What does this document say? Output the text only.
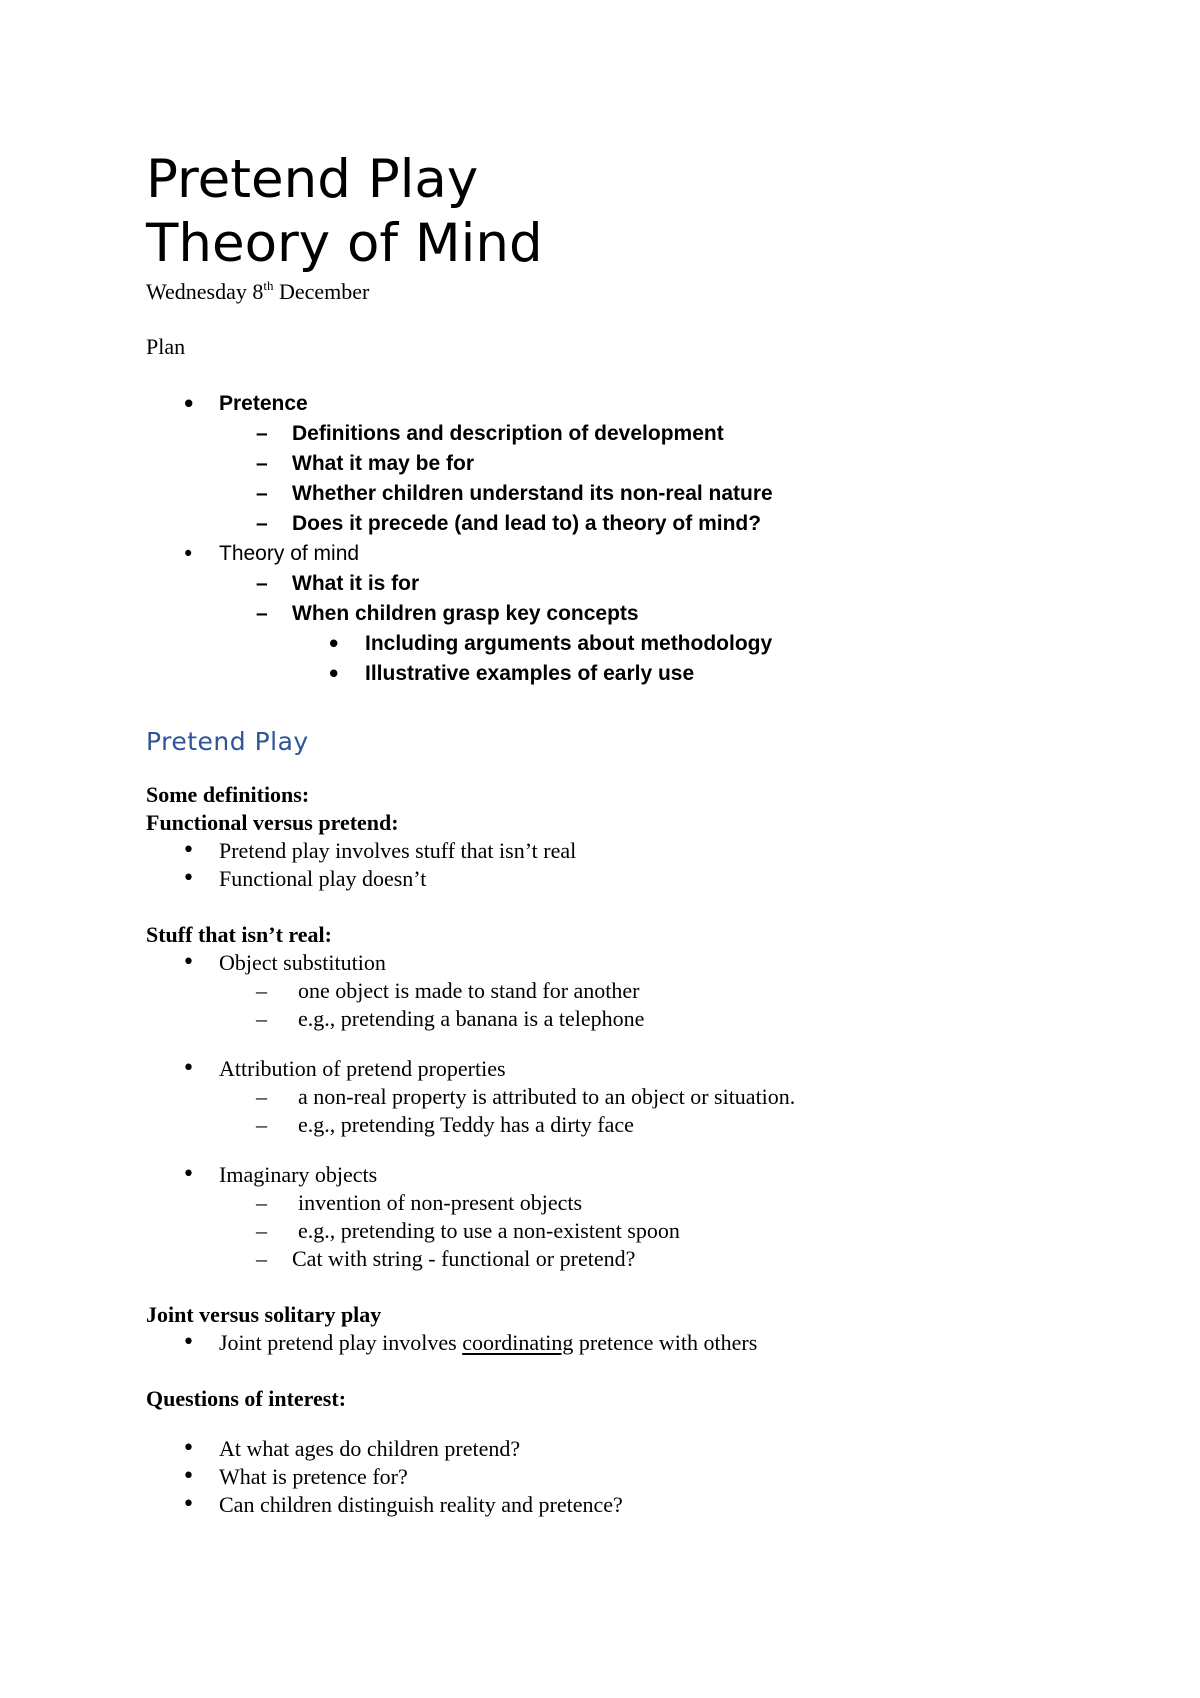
Pretend Play
Theory of Mind
Wednesday 8th December
Plan
• Pretence
– Definitions and description of development
– What it may be for
– Whether children understand its non-real nature
– Does it precede (and lead to) a theory of mind?
• Theory of mind
– What it is for
– When children grasp key concepts
• Including arguments about methodology
• Illustrative examples of early use
Pretend Play
Some definitions:
Functional versus pretend:
• Pretend play involves stuff that isn’t real
• Functional play doesn’t
Stuff that isn’t real:
• Object substitution
– one object is made to stand for another
– e.g., pretending a banana is a telephone
• Attribution of pretend properties
– a non-real property is attributed to an object or situation.
– e.g., pretending Teddy has a dirty face
• Imaginary objects
– invention of non-present objects
– e.g., pretending to use a non-existent spoon
– Cat with string - functional or pretend?
Joint versus solitary play
• Joint pretend play involves coordinating pretence with others
Questions of interest:
• At what ages do children pretend?
• What is pretence for?
• Can children distinguish reality and pretence?
